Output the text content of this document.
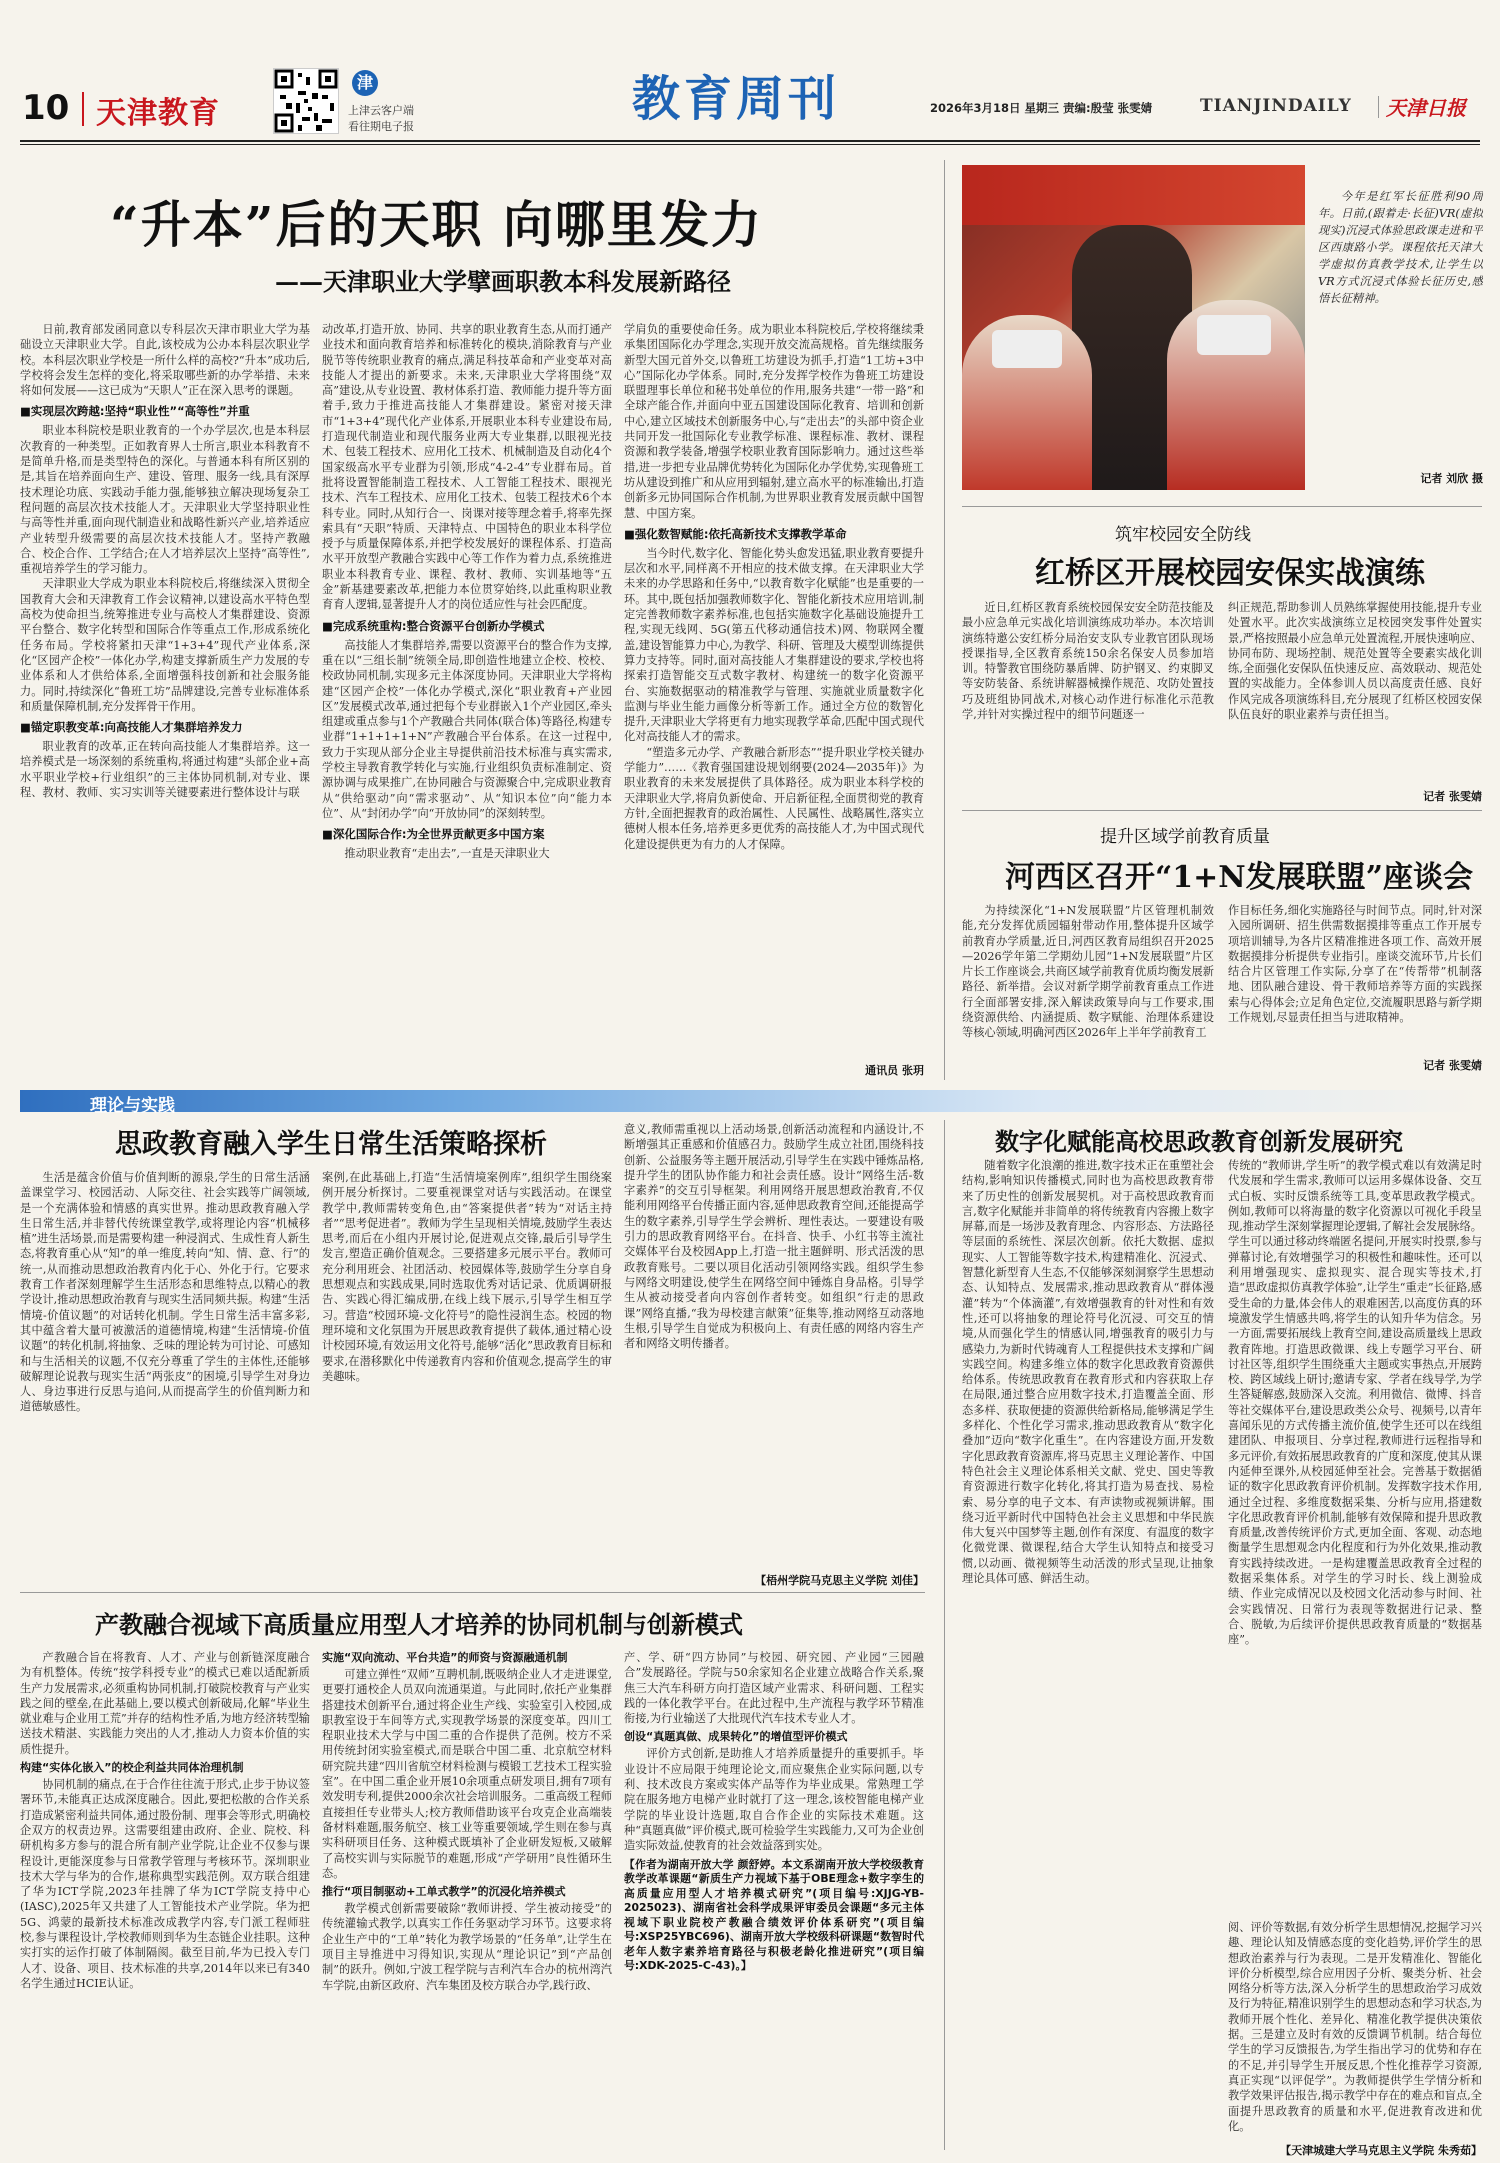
10 天津教育
津
上津云客户端
看往期电子报	教育周刊	2026年3月18日 星期三 责编:殷莹 张雯婧	TIANJINDAILY 天津日报
“升本”后的天职 向哪里发力
——天津职业大学擘画职教本科发展新路径
日前,教育部发函同意以专科层次天津市职业大学为基础设立天津职业大学。自此,该校成为公办本科层次职业学校。本科层次职业学校是一所什么样的高校?“升本”成功后,学校将会发生怎样的变化,将采取哪些新的办学举措、未来将如何发展——这已成为“天职人”正在深入思考的课题。
■实现层次跨越:坚持“职业性”“高等性”并重
职业本科院校是职业教育的一个办学层次,也是本科层次教育的一种类型。正如教育界人士所言,职业本科教育不是简单升格,而是类型特色的深化。与普通本科有所区别的是,其旨在培养面向生产、建设、管理、服务一线,具有深厚技术理论功底、实践动手能力强,能够独立解决现场复杂工程问题的高层次技术技能人才。天津职业大学坚持职业性与高等性并重,面向现代制造业和战略性新兴产业,培养适应产业转型升级需要的高层次技术技能人才。坚持产教融合、校企合作、工学结合;在人才培养层次上坚持“高等性”,重视培养学生的学习能力。
天津职业大学成为职业本科院校后,将继续深入贯彻全国教育大会和天津教育工作会议精神,以建设高水平特色型高校为使命担当,统筹推进专业与高校人才集群建设、资源平台整合、数字化转型和国际合作等重点工作,形成系统化任务布局。学校将紧扣天津“1+3+4”现代产业体系,深化“区园产企校”一体化办学,构建支撑新质生产力发展的专业体系和人才供给体系,全面增强科技创新和社会服务能力。同时,持续深化“鲁班工坊”品牌建设,完善专业标准体系和质量保障机制,充分发挥骨干作用。
■锚定职教变革:向高技能人才集群培养发力
职业教育的改革,正在转向高技能人才集群培养。这一培养模式是一场深刻的系统重构,将通过构建“头部企业+高水平职业学校+行业组织”的三主体协同机制,对专业、课程、教材、教师、实习实训等关键要素进行整体设计与联
动改革,打造开放、协同、共享的职业教育生态,从而打通产业技术和面向教育培养和标准转化的模块,消除教育与产业脱节等传统职业教育的痛点,满足科技革命和产业变革对高技能人才提出的新要求。未来,天津职业大学将围绕“双高”建设,从专业设置、教材体系打造、教师能力提升等方面着手,致力于推进高技能人才集群建设。紧密对接天津市“1+3+4”现代化产业体系,开展职业本科专业建设布局,打造现代制造业和现代服务业两大专业集群,以眼视光技术、包装工程技术、应用化工技术、机械制造及自动化4个国家级高水平专业群为引领,形成“4-2-4”专业群布局。首批将设置智能制造工程技术、人工智能工程技术、眼视光技术、汽车工程技术、应用化工技术、包装工程技术6个本科专业。同时,从知行合一、岗课对接等理念着手,将率先探索具有“天职”特质、天津特点、中国特色的职业本科学位授予与质量保障体系,并把学校发展好的课程体系、打造高水平开放型产教融合实践中心等工作作为着力点,系统推进职业本科教育专业、课程、教材、教师、实训基地等“五金”新基建要素改革,把能力本位贯穿始终,以此重构职业教育育人逻辑,显著提升人才的岗位适应性与社会匹配度。
■完成系统重构:整合资源平台创新办学模式
高技能人才集群培养,需要以资源平台的整合作为支撑,重在以“三组长制”统领全局,即创造性地建立企校、校校、校政协同机制,实现多元主体深度协同。天津职业大学将构建“区园产企校”一体化办学模式,深化“职业教育+产业园区”发展模式改革,通过把每个专业群嵌入1个产业园区,牵头组建或重点参与1个产教融合共同体(联合体)等路径,构建专业群“1+1+1+1+N”产教融合平台体系。在这一过程中,致力于实现从部分企业主导提供前沿技术标准与真实需求,学校主导教育教学转化与实施,行业组织负责标准制定、资源协调与成果推广,在协同融合与资源聚合中,完成职业教育从“供给驱动”向“需求驱动”、从“知识本位”向“能力本位”、从“封闭办学”向“开放协同”的深刻转型。
■深化国际合作:为全世界贡献更多中国方案
推动职业教育“走出去”,一直是天津职业大
学肩负的重要使命任务。成为职业本科院校后,学校将继续秉承集团国际化办学理念,实现开放交流高规格。首先继续服务新型大国元首外交,以鲁班工坊建设为抓手,打造“1工坊+3中心”国际化办学体系。同时,充分发挥学校作为鲁班工坊建设联盟理事长单位和秘书处单位的作用,服务共建“一带一路”和全球产能合作,并面向中亚五国建设国际化教育、培训和创新中心,建立区域技术创新服务中心,与“走出去”的头部中资企业共同开发一批国际化专业教学标准、课程标准、教材、课程资源和教学装备,增强学校职业教育国际影响力。通过这些举措,进一步把专业品牌优势转化为国际化办学优势,实现鲁班工坊从建设到推广和从应用到辐射,建立高水平的标准输出,打造创新多元协同国际合作机制,为世界职业教育发展贡献中国智慧、中国方案。
■强化数智赋能:依托高新技术支撑教学革命
当今时代,数字化、智能化势头愈发迅猛,职业教育要提升层次和水平,同样离不开相应的技术做支撑。在天津职业大学未来的办学思路和任务中,“以教育数字化赋能”也是重要的一环。其中,既包括加强教师数字化、智能化新技术应用培训,制定完善教师数字素养标准,也包括实施数字化基础设施提升工程,实现无线网、5G(第五代移动通信技术)网、物联网全覆盖,建设智能算力中心,为教学、科研、管理及大模型训练提供算力支持等。同时,面对高技能人才集群建设的要求,学校也将探索打造智能交互式数字教材、构建统一的数字化资源平台、实施数据驱动的精准教学与管理、实施就业质量数字化监测与毕业生能力画像分析等新工作。通过全方位的数智化提升,天津职业大学将更有力地实现教学革命,匹配中国式现代化对高技能人才的需求。
“塑造多元办学、产教融合新形态”“提升职业学校关键办学能力”……《教育强国建设规划纲要(2024—2035年)》为职业教育的未来发展提供了具体路径。成为职业本科学校的天津职业大学,将肩负新使命、开启新征程,全面贯彻党的教育方针,全面把握教育的政治属性、人民属性、战略属性,落实立德树人根本任务,培养更多更优秀的高技能人才,为中国式现代化建设提供更为有力的人才保障。
通讯员 张玥
今年是红军长征胜利90周年。日前,(跟着走·长征)VR(虚拟现实)沉浸式体验思政课走进和平区西康路小学。课程依托天津大学虚拟仿真教学技术,让学生以VR方式沉浸式体验长征历史,感悟长征精神。
记者 刘欣 摄
筑牢校园安全防线
红桥区开展校园安保实战演练
近日,红桥区教育系统校园保安安全防范技能及最小应急单元实战化培训演练成功举办。本次培训演练特邀公安红桥分局治安支队专业教官团队现场授课指导,全区教育系统150余名保安人员参加培训。特警教官围绕防暴盾牌、防护钢叉、约束脚叉等安防装备、系统讲解器械操作规范、攻防处置技巧及班组协同战术,对核心动作进行标准化示范教学,并针对实操过程中的细节问题逐一
纠正规范,帮助参训人员熟练掌握使用技能,提升专业处置水平。此次实战演练立足校园突发事件处置实景,严格按照最小应急单元处置流程,开展快速响应、协同布防、现场控制、规范处置等全要素实战化训练,全面强化安保队伍快速反应、高效联动、规范处置的实战能力。全体参训人员以高度责任感、良好作风完成各项演练科目,充分展现了红桥区校园安保队伍良好的职业素养与责任担当。
记者 张雯婧
提升区域学前教育质量
河西区召开“1+N发展联盟”座谈会
为持续深化“1+N发展联盟”片区管理机制效能,充分发挥优质园辐射带动作用,整体提升区域学前教育办学质量,近日,河西区教育局组织召开2025—2026学年第二学期幼儿园“1+N发展联盟”片区片长工作座谈会,共商区域学前教育优质均衡发展新路径、新举措。会议对新学期学前教育重点工作进行全面部署安排,深入解读政策导向与工作要求,围绕资源供给、内涵提质、数字赋能、治理体系建设等核心领域,明确河西区2026年上半年学前教育工
作目标任务,细化实施路径与时间节点。同时,针对深入园所调研、招生供需数据摸排等重点工作开展专项培训辅导,为各片区精准推进各项工作、高效开展数据摸排分析提供专业指引。座谈交流环节,片长们结合片区管理工作实际,分享了在“传帮带”机制落地、团队融合建设、骨干教师培养等方面的实践探索与心得体会;立足角色定位,交流履职思路与新学期工作规划,尽显责任担当与进取精神。
记者 张雯婧
理论与实践
思政教育融入学生日常生活策略探析
生活是蕴含价值与价值判断的源泉,学生的日常生活涵盖课堂学习、校园活动、人际交往、社会实践等广阔领域,是一个充满体验和情感的真实世界。推动思政教育融入学生日常生活,并非替代传统课堂教学,或将理论内容“机械移植”进生活场景,而是需要构建一种浸润式、生成性育人新生态,将教育重心从“知”的单一维度,转向“知、情、意、行”的统一,从而推动思想政治教育内化于心、外化于行。它要求教育工作者深刻理解学生生活形态和思维特点,以精心的教学设计,推动思想政治教育与现实生活同频共振。构建“生活情境-价值议题”的对话转化机制。学生日常生活丰富多彩,其中蕴含着大量可被激活的道德情境,构建“生活情境-价值议题”的转化机制,将抽象、乏味的理论转为可讨论、可感知和与生活相关的议题,不仅充分尊重了学生的主体性,还能够破解理论说教与现实生活“两张皮”的困境,引导学生对身边人、身边事进行反思与追问,从而提高学生的价值判断力和道德敏感性。
案例,在此基础上,打造“生活情境案例库”,组织学生围绕案例开展分析探讨。二要重视课堂对话与实践活动。在课堂教学中,教师需转变角色,由“答案提供者”转为“对话主持者”“思考促进者”。教师为学生呈现相关情境,鼓励学生表达思考,而后在小组内开展讨论,促进观点交锋,最后引导学生发言,塑造正确价值观念。三要搭建多元展示平台。教师可充分利用班会、社团活动、校园媒体等,鼓励学生分享自身思想观点和实践成果,同时选取优秀对话记录、优质调研报告、实践心得汇编成册,在线上线下展示,引导学生相互学习。营造“校园环境-文化符号”的隐性浸润生态。校园的物理环境和文化氛围为开展思政教育提供了载体,通过精心设计校园环境,有效运用文化符号,能够“活化”思政教育目标和要求,在潜移默化中传递教育内容和价值观念,提高学生的审美趣味。
意义,教师需重视以上活动场景,创新活动流程和内涵设计,不断增强其正重感和价值感召力。鼓励学生成立社团,围绕科技创新、公益服务等主题开展活动,引导学生在实践中锤炼品格,提升学生的团队协作能力和社会责任感。设计“网络生活-数字素养”的交互引导框架。利用网络开展思想政治教育,不仅能利用网络平台传播正面内容,延伸思政教育空间,还能提高学生的数字素养,引导学生学会辨析、理性表达。一要建设有吸引力的思政教育网络平台。在抖音、快手、小红书等主流社交媒体平台及校园App上,打造一批主题鲜明、形式活泼的思政教育账号。二要以项目化活动引领网络实践。组织学生参与网络文明建设,使学生在网络空间中锤炼自身品格。引导学生从被动接受者向内容创作者转变。如组织“行走的思政课”网络直播,“我为母校建言献策”征集等,推动网络互动落地生根,引导学生自觉成为积极向上、有责任感的网络内容生产者和网络文明传播者。
【梧州学院马克思主义学院 刘佳】
数字化赋能高校思政教育创新发展研究
随着数字化浪潮的推进,数字技术正在重塑社会结构,影响知识传播模式,同时也为高校思政教育带来了历史性的创新发展契机。对于高校思政教育而言,数字化赋能并非简单的将传统教育内容搬上数字屏幕,而是一场涉及教育理念、内容形态、方法路径等层面的系统性、深层次创新。依托大数据、虚拟现实、人工智能等数字技术,构建精准化、沉浸式、智慧化新型育人生态,不仅能够深刻洞察学生思想动态、认知特点、发展需求,推动思政教育从“群体漫灌”转为“个体滴灌”,有效增强教育的针对性和有效性,还可以将抽象的理论符号化沉浸、可交互的情境,从而强化学生的情感认同,增强教育的吸引力与感染力,为新时代铸魂育人工程提供技术支撑和广阔实践空间。构建多维立体的数字化思政教育资源供给体系。传统思政教育在教育形式和内容获取上存在局限,通过整合应用数字技术,打造覆盖全面、形态多样、获取便捷的资源供给新格局,能够满足学生多样化、个性化学习需求,推动思政教育从“数字化叠加”迈向“数字化重生”。在内容建设方面,开发数字化思政教育资源库,将马克思主义理论著作、中国特色社会主义理论体系相关文献、党史、国史等教育资源进行数字化转化,将其打造为易查找、易检索、易分享的电子文本、有声读物或视频讲解。围绕习近平新时代中国特色社会主义思想和中华民族伟大复兴中国梦等主题,创作有深度、有温度的数字化微党课、微课程,结合大学生认知特点和接受习惯,以动画、微视频等生动活泼的形式呈现,让抽象理论具体可感、鲜活生动。
传统的“教师讲,学生听”的教学模式难以有效满足时代发展和学生需求,教师可以运用多媒体设备、交互式白板、实时反馈系统等工具,变革思政教学模式。例如,教师可以将海量的数字化资源以可视化手段呈现,推动学生深刻掌握理论逻辑,了解社会发展脉络。学生可以通过移动终端匿名提问,开展实时投票,参与弹幕讨论,有效增强学习的积极性和趣味性。还可以利用增强现实、虚拟现实、混合现实等技术,打造“思政虚拟仿真教学体验”,让学生“重走”长征路,感受生命的力量,体会伟人的艰难困苦,以高度仿真的环境激发学生情感共鸣,将学生的认知升华为信念。另一方面,需要拓展线上教育空间,建设高质量线上思政教育阵地。打造思政微课、线上专题学习平台、研讨社区等,组织学生围绕重大主题或实事热点,开展跨校、跨区域线上研讨;邀请专家、学者在线导学,为学生答疑解惑,鼓励深入交流。利用微信、微博、抖音等社交媒体平台,建设思政类公众号、视频号,以青年喜闻乐见的方式传播主流价值,使学生还可以在线组建团队、申报项目、分享过程,教师进行远程指导和多元评价,有效拓展思政教育的广度和深度,使其从课内延伸至课外,从校园延伸至社会。完善基于数据循证的数字化思政教育评价机制。发挥数字技术作用,通过全过程、多维度数据采集、分析与应用,搭建数字化思政教育评价机制,能够有效保障和提升思政教育质量,改善传统评价方式,更加全面、客观、动态地衡量学生思想观念内化程度和行为外化效果,推动教育实践持续改进。一是构建覆盖思政教育全过程的数据采集体系。对学生的学习时长、线上测验成绩、作业完成情况以及校园文化活动参与时间、社会实践情况、日常行为表现等数据进行记录、整合、脱敏,为后续评价提供思政教育质量的“数据基座”。
阅、评价等数据,有效分析学生思想情况,挖掘学习兴趣、理论认知及情感态度的变化趋势,评价学生的思想政治素养与行为表现。二是开发精准化、智能化评价分析模型,综合应用因子分析、聚类分析、社会网络分析等方法,深入分析学生的思想政治学习成效及行为特征,精准识别学生的思想动态和学习状态,为教师开展个性化、差异化、精准化教学提供决策依据。三是建立及时有效的反馈调节机制。结合每位学生的学习反馈报告,为学生指出学习的优势和存在的不足,并引导学生开展反思,个性化推荐学习资源,真正实现“以评促学”。为教师提供学生学情分析和教学效果评估报告,揭示教学中存在的难点和盲点,全面提升思政教育的质量和水平,促进教育改进和优化。
【天津城建大学马克思主义学院 朱秀茹】
产教融合视域下高质量应用型人才培养的协同机制与创新模式
产教融合旨在将教育、人才、产业与创新链深度融合为有机整体。传统“按学科授专业”的模式已难以适配新质生产力发展需求,必须重构协同机制,打破院校教育与产业实践之间的壁垒,在此基础上,要以模式创新破局,化解“毕业生就业难与企业用工荒”并存的结构性矛盾,为地方经济转型输送技术精湛、实践能力突出的人才,推动人力资本价值的实质性提升。
构建“实体化嵌入”的校企利益共同体治理机制
协同机制的痛点,在于合作往往流于形式,止步于协议签署环节,未能真正达成深度融合。因此,要把松散的合作关系打造成紧密利益共同体,通过股份制、理事会等形式,明确校企双方的权责边界。这需要组建由政府、企业、院校、科研机构多方参与的混合所有制产业学院,让企业不仅参与课程设计,更能深度参与日常教学管理与考核环节。深圳职业技术大学与华为的合作,堪称典型实践范例。双方联合组建了华为ICT学院,2023年挂牌了华为ICT学院支持中心(IASC),2025年又共建了人工智能技术产业学院。华为把5G、鸿蒙的最新技术标准改成教学内容,专门派工程师驻校,参与课程设计,学校教师则到华为生态链企业挂职。这种实打实的运作打破了体制隔阂。截至目前,华为已投入专门人才、设备、项目、技术标准的共享,2014年以来已有340名学生通过HCIE认证。
实施“双向流动、平台共造”的师资与资源融通机制
可建立弹性“双师”互聘机制,既吸纳企业人才走进课堂,更要打通校企人员双向流通渠道。与此同时,依托产业集群搭建技术创新平台,通过将企业生产线、实验室引入校园,成职教室设于车间等方式,实现教学场景的深度变革。四川工程职业技术大学与中国二重的合作提供了范例。校方不采用传统封闭实验室模式,而是联合中国二重、北京航空材料研究院共建“四川省航空材料检测与模锻工艺技术工程实验室”。在中国二重企业开展10余项重点研发项目,拥有7项有效发明专利,提供2000余次社会培训服务。二重高级工程师直接担任专业带头人;校方教师借助该平台攻克企业高端装备材料难题,服务航空、核工业等重要领域,学生则在参与真实科研项目任务、这种模式既填补了企业研发短板,又破解了高校实训与实际脱节的难题,形成“产学研用”良性循环生态。
推行“项目制驱动+工单式教学”的沉浸化培养模式
教学模式创新需要破除“教师讲授、学生被动接受”的传统灌输式教学,以真实工作任务驱动学习环节。这要求将企业生产中的“工单”转化为教学场景的“任务单”,让学生在项目主导推进中习得知识,实现从“理论识记”到“产品创制”的跃升。例如,宁波工程学院与吉利汽车合办的杭州湾汽车学院,由新区政府、汽车集团及校方联合办学,践行政、
产、学、研“四方协同”与校园、研究园、产业园“三园融合”发展路径。学院与50余家知名企业建立战略合作关系,聚焦三大汽车科研方向打造区域产业需求、科研问题、工程实践的一体化教学平台。在此过程中,生产流程与教学环节精准衔接,为行业输送了大批现代汽车技术专业人才。
创设“真题真做、成果转化”的增值型评价模式
评价方式创新,是助推人才培养质量提升的重要抓手。毕业设计不应局限于纯理论论文,而应聚焦企业实际问题,以专利、技术改良方案或实体产品等作为毕业成果。常熟理工学院在服务地方电梯产业时就打了这一理念,该校智能电梯产业学院的毕业设计选题,取自合作企业的实际技术难题。这种“真题真做”评价模式,既可检验学生实践能力,又可为企业创造实际效益,使教育的社会效益落到实处。
【作者为湖南开放大学 颜舒婷。本文系湖南开放大学校级教育教学改革课题“新质生产力视域下基于OBE理念+数字孪生的高质量应用型人才培养模式研究”(项目编号:XJJG-YB-2025023)、湖南省社会科学成果评审委员会课题“多元主体视域下职业院校产教融合绩效评价体系研究”(项目编号:XSP25YBC696)、湖南开放大学校级科研课题“数智时代老年人数字素养培育路径与积极老龄化推进研究”(项目编号:XDK-2025-C-43)。】
